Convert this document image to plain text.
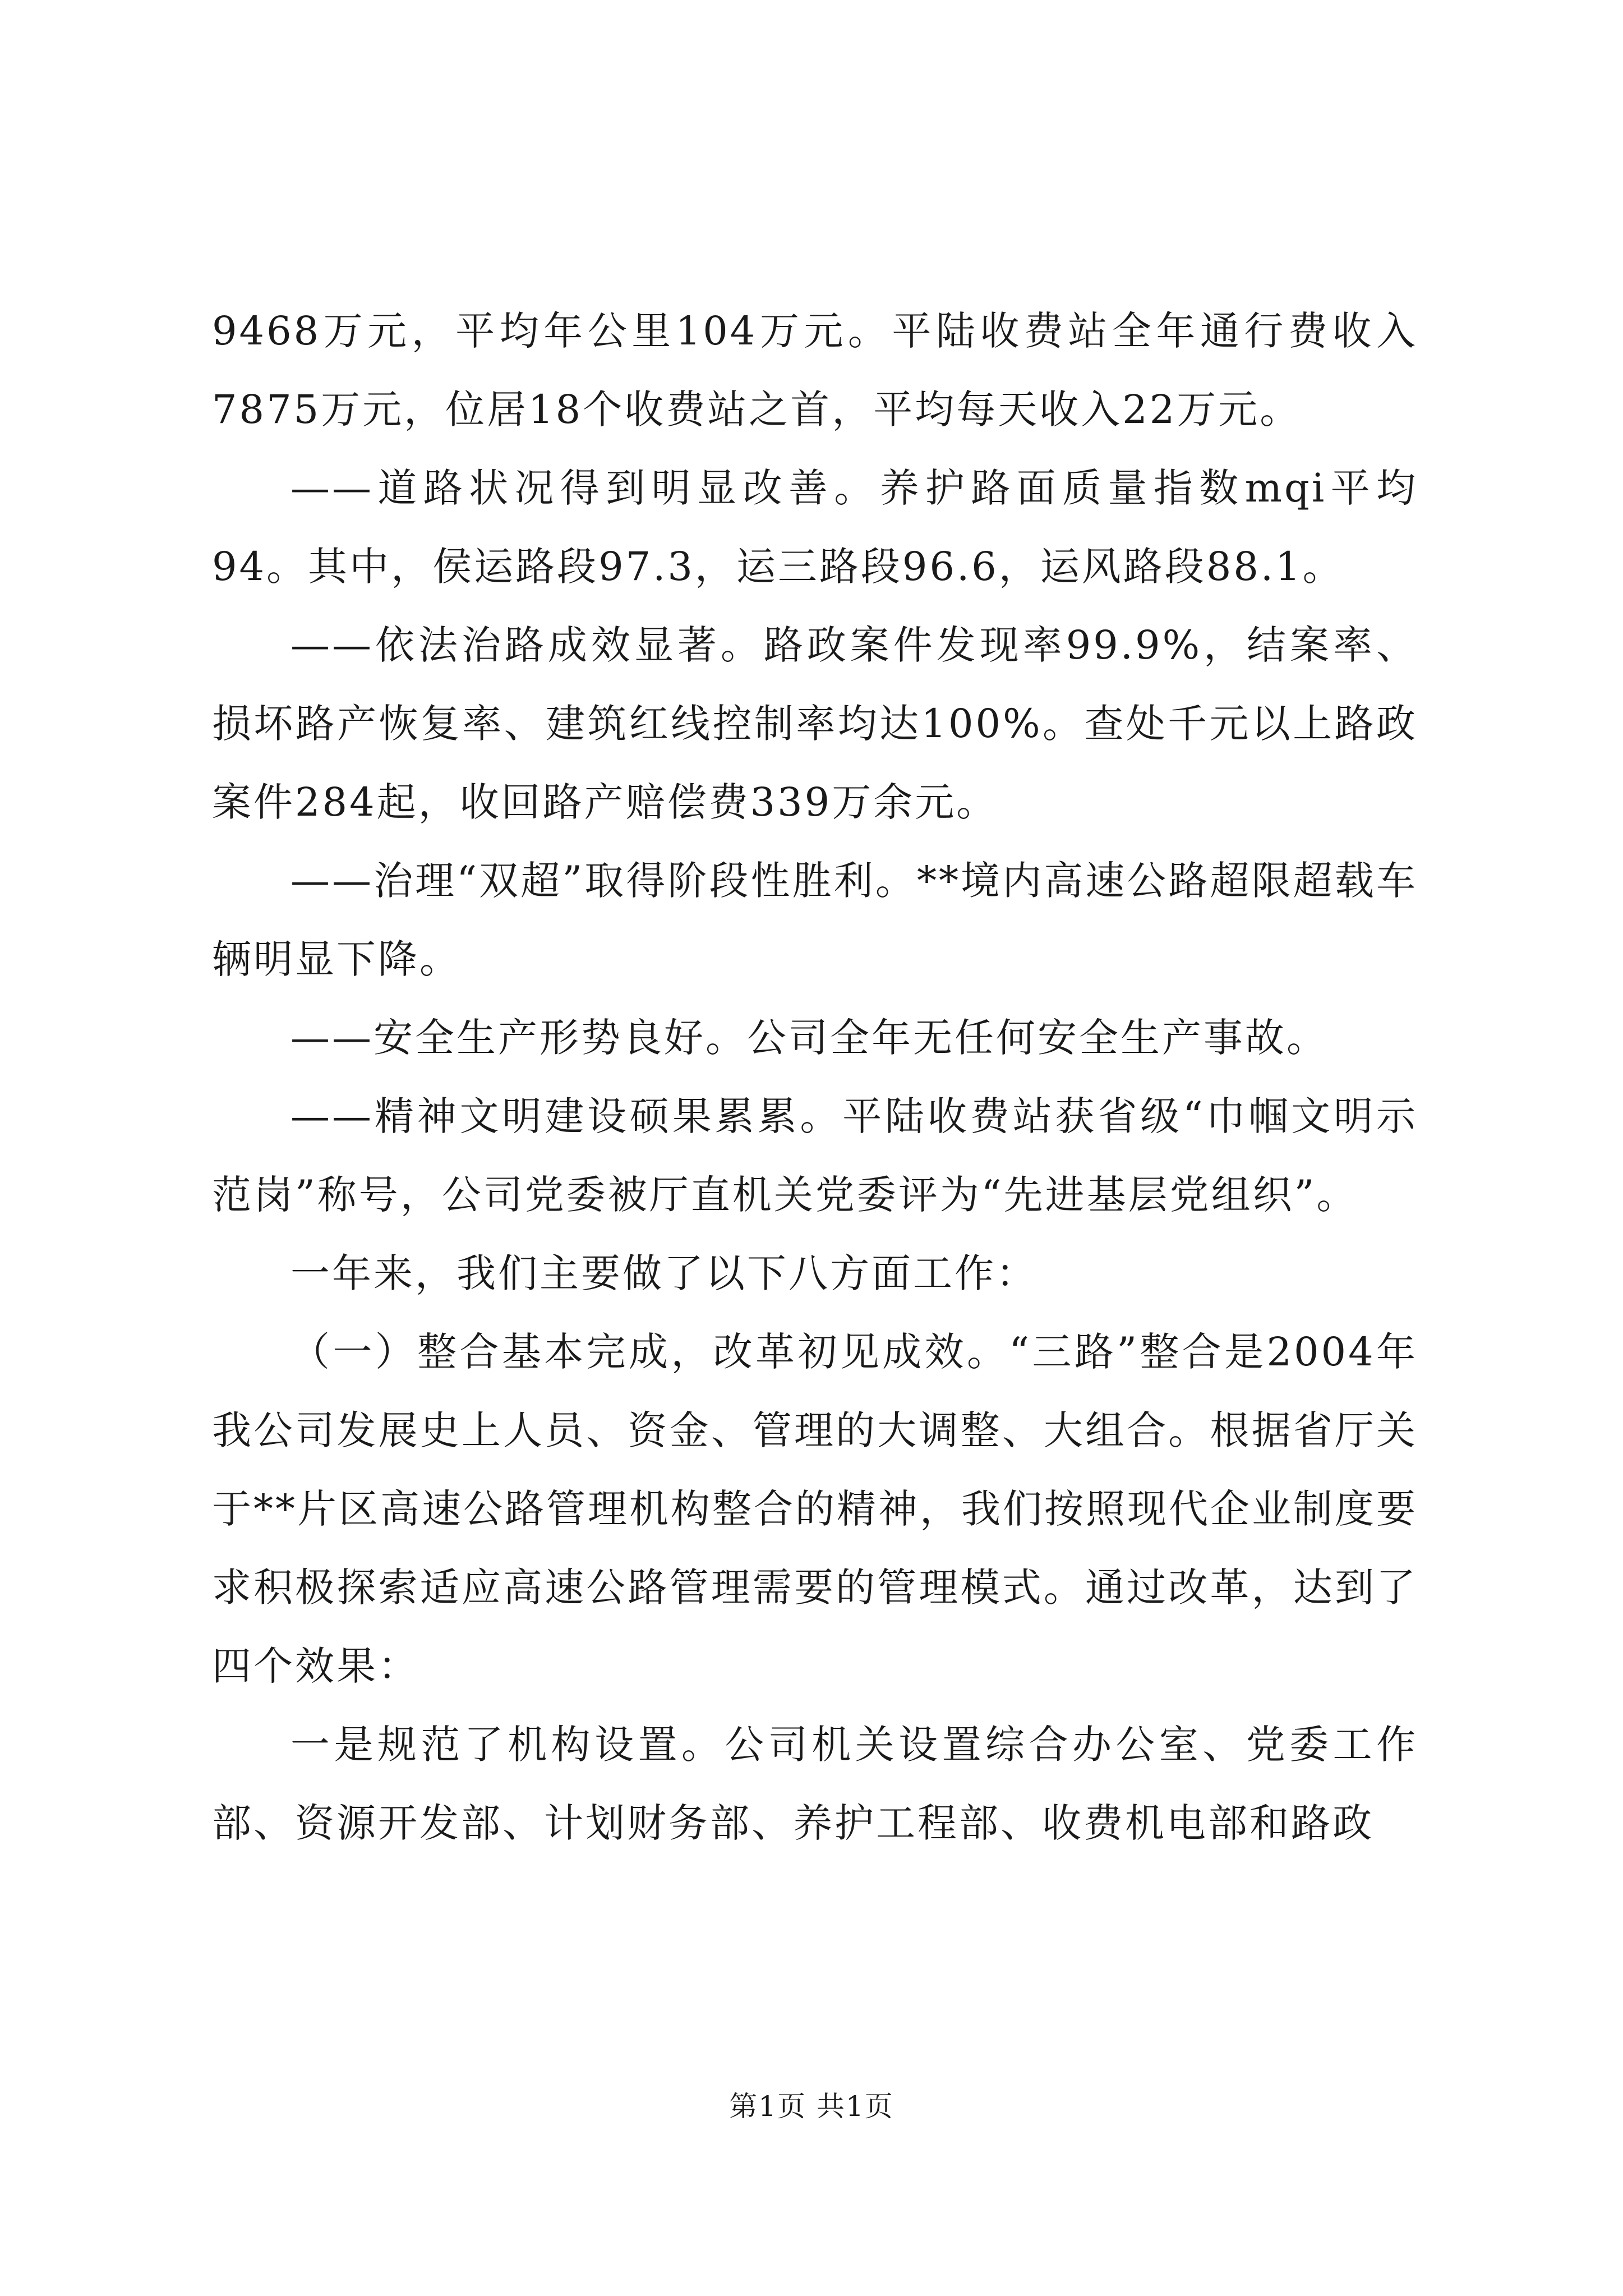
9468万元，平均年公里104万元。平陆收费站全年通行费收入7875万元，位居18个收费站之首，平均每天收入22万元。

——道路状况得到明显改善。养护路面质量指数mqi平均94。其中，侯运路段97.3，运三路段96.6，运风路段88.1。

——依法治路成效显著。路政案件发现率99.9%，结案率、损坏路产恢复率、建筑红线控制率均达100%。查处千元以上路政案件284起，收回路产赔偿费339万余元。

——治理“双超”取得阶段性胜利。**境内高速公路超限超载车辆明显下降。

——安全生产形势良好。公司全年无任何安全生产事故。

——精神文明建设硕果累累。平陆收费站获省级“巾帼文明示范岗”称号，公司党委被厅直机关党委评为“先进基层党组织”。

一年来，我们主要做了以下八方面工作：

（一）整合基本完成，改革初见成效。“三路”整合是2004年我公司发展史上人员、资金、管理的大调整、大组合。根据省厅关于**片区高速公路管理机构整合的精神，我们按照现代企业制度要求积极探索适应高速公路管理需要的管理模式。通过改革，达到了四个效果：

一是规范了机构设置。公司机关设置综合办公室、党委工作部、资源开发部、计划财务部、养护工程部、收费机电部和路政

第1页 共1页
